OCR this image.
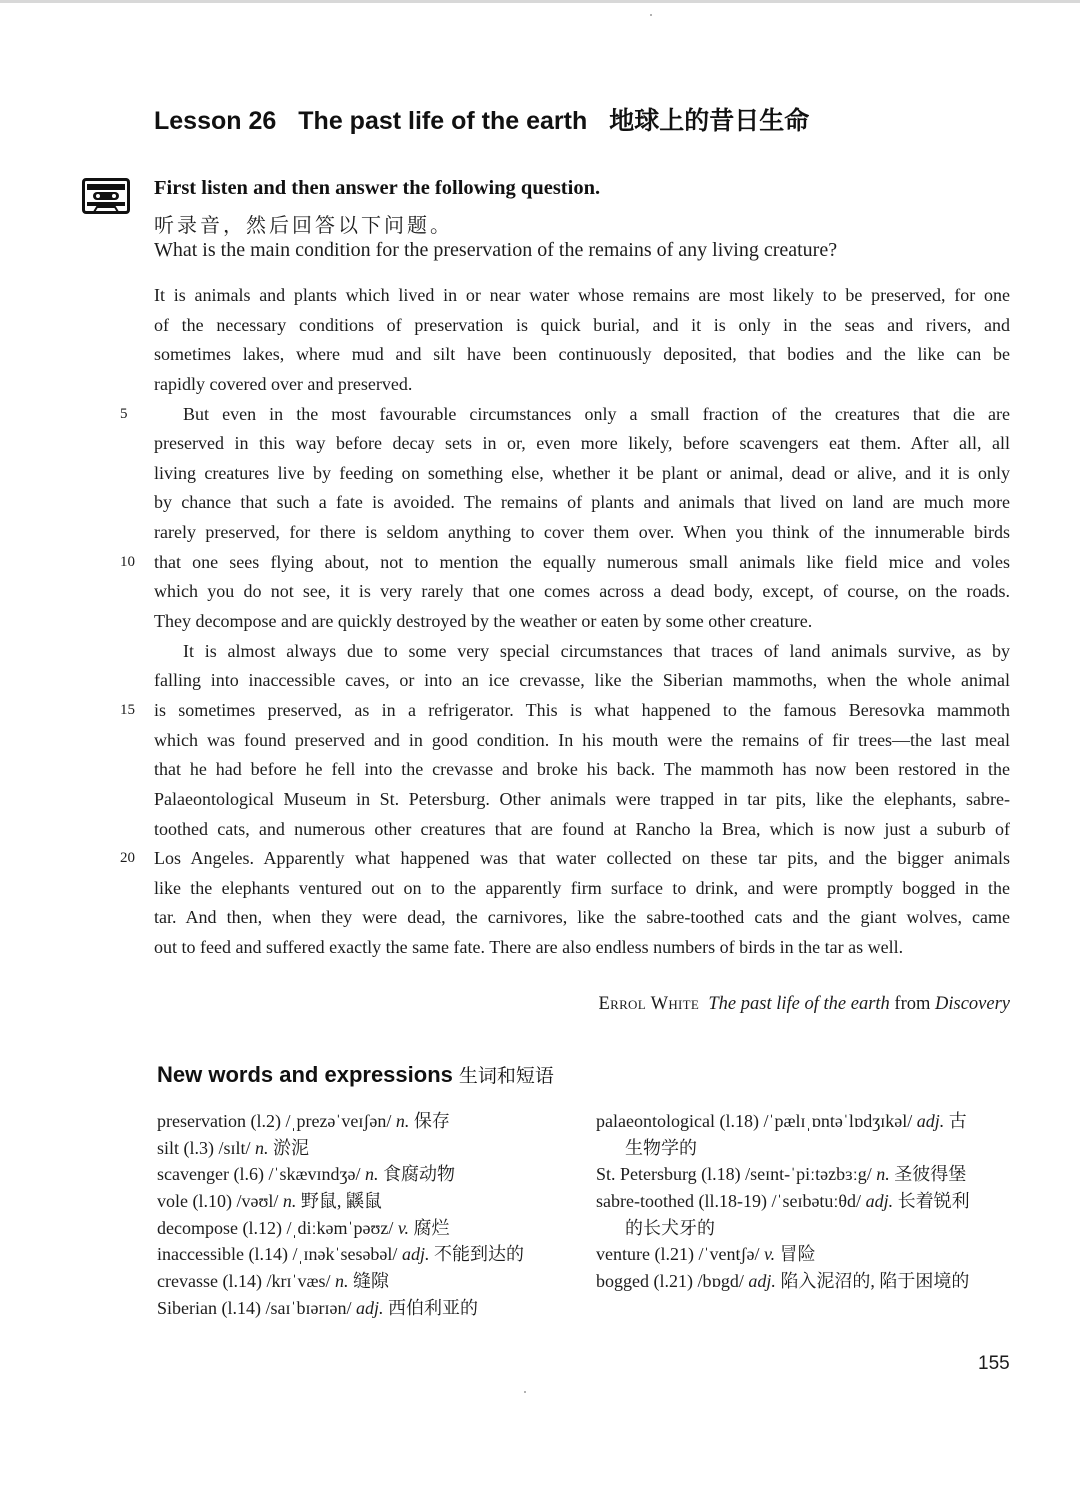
Lesson 26 The past life of the earth 地球上的昔日生命
First listen and then answer the following question.
听录音，然后回答以下问题。
What is the main condition for the preservation of the remains of any living creature?
It is animals and plants which lived in or near water whose remains are most likely to be preserved, for one
of the necessary conditions of preservation is quick burial, and it is only in the seas and rivers, and
sometimes lakes, where mud and silt have been continuously deposited, that bodies and the like can be
rapidly covered over and preserved.
5	But even in the most favourable circumstances only a small fraction of the creatures that die are
preserved in this way before decay sets in or, even more likely, before scavengers eat them. After all, all
living creatures live by feeding on something else, whether it be plant or animal, dead or alive, and it is only
by chance that such a fate is avoided. The remains of plants and animals that lived on land are much more
rarely preserved, for there is seldom anything to cover them over. When you think of the innumerable birds
10	that one sees flying about, not to mention the equally numerous small animals like field mice and voles
which you do not see, it is very rarely that one comes across a dead body, except, of course, on the roads.
They decompose and are quickly destroyed by the weather or eaten by some other creature.
It is almost always due to some very special circumstances that traces of land animals survive, as by
falling into inaccessible caves, or into an ice crevasse, like the Siberian mammoths, when the whole animal
15	is sometimes preserved, as in a refrigerator. This is what happened to the famous Beresovka mammoth
which was found preserved and in good condition. In his mouth were the remains of fir trees—the last meal
that he had before he fell into the crevasse and broke his back. The mammoth has now been restored in the
Palaeontological Museum in St. Petersburg. Other animals were trapped in tar pits, like the elephants, sabre-
toothed cats, and numerous other creatures that are found at Rancho la Brea, which is now just a suburb of
20	Los Angeles. Apparently what happened was that water collected on these tar pits, and the bigger animals
like the elephants ventured out on to the apparently firm surface to drink, and were promptly bogged in the
tar. And then, when they were dead, the carnivores, like the sabre-toothed cats and the giant wolves, came
out to feed and suffered exactly the same fate. There are also endless numbers of birds in the tar as well.
Errol White The past life of the earth from Discovery
New words and expressions 生词和短语
preservation (l.2) /ˌprezəˈveɪʃən/ n. 保存
silt (l.3) /sɪlt/ n. 淤泥
scavenger (l.6) /ˈskævɪndʒə/ n. 食腐动物
vole (l.10) /vəʊl/ n. 野鼠, 鼷鼠
decompose (l.12) /ˌdiːkəmˈpəʊz/ v. 腐烂
inaccessible (l.14) /ˌɪnəkˈsesəbəl/ adj. 不能到达的
crevasse (l.14) /krɪˈvæs/ n. 缝隙
Siberian (l.14) /saɪˈbɪərɪən/ adj. 西伯利亚的
palaeontological (l.18) /ˈpælɪˌɒntəˈlɒdʒɪkəl/ adj. 古
生物学的
St. Petersburg (l.18) /seɪnt-ˈpiːtəzbɜːg/ n. 圣彼得堡
sabre-toothed (ll.18-19) /ˈseɪbətuːθd/ adj. 长着锐利
的长犬牙的
venture (l.21) /ˈventʃə/ v. 冒险
bogged (l.21) /bɒgd/ adj. 陷入泥沼的, 陷于困境的
155
